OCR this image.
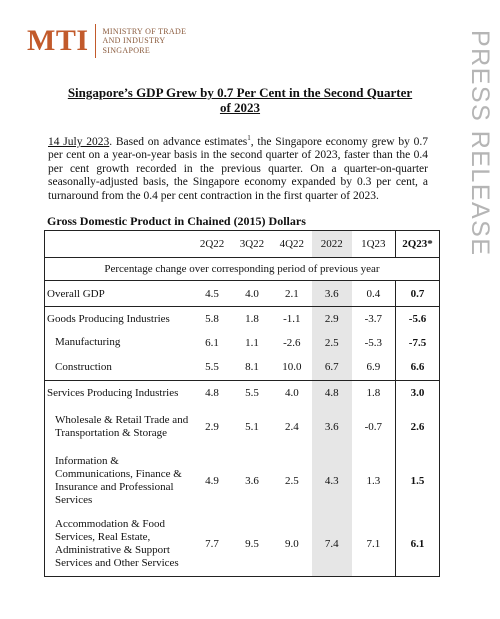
MTI MINISTRY OF TRADE
AND INDUSTRY
SINGAPORE	PRESS RELEASE
Singapore’s GDP Grew by 0.7 Per Cent in the Second Quarter
of 2023
14 July 2023. Based on advance estimates$^1$, the Singapore economy grew by 0.7 per cent on a year-on-year basis in the second quarter of 2023, faster than the 0.4 per cent growth recorded in the previous quarter. On a quarter-on-quarter seasonally-adjusted basis, the Singapore economy expanded by 0.3 per cent, a turnaround from the 0.4 per cent contraction in the first quarter of 2023.
Gross Domestic Product in Chained (2015) Dollars
	2Q22	3Q22	4Q22	2022	1Q23	2Q23*
Percentage change over corresponding period of previous year						
Overall GDP	4.5	4.0	2.1	3.6	0.4	0.7
Goods Producing Industries	5.8	1.8	-1.1	2.9	-3.7	-5.6
Manufacturing	6.1	1.1	-2.6	2.5	-5.3	-7.5
Construction	5.5	8.1	10.0	6.7	6.9	6.6
Services Producing Industries	4.8	5.5	4.0	4.8	1.8	3.0
Wholesale & Retail Trade and Transportation & Storage	2.9	5.1	2.4	3.6	-0.7	2.6
Information & Communications, Finance & Insurance and Professional Services	4.9	3.6	2.5	4.3	1.3	1.5
Accommodation & Food Services, Real Estate, Administrative & Support Services and Other Services	7.7	9.5	9.0	7.4	7.1	6.1
